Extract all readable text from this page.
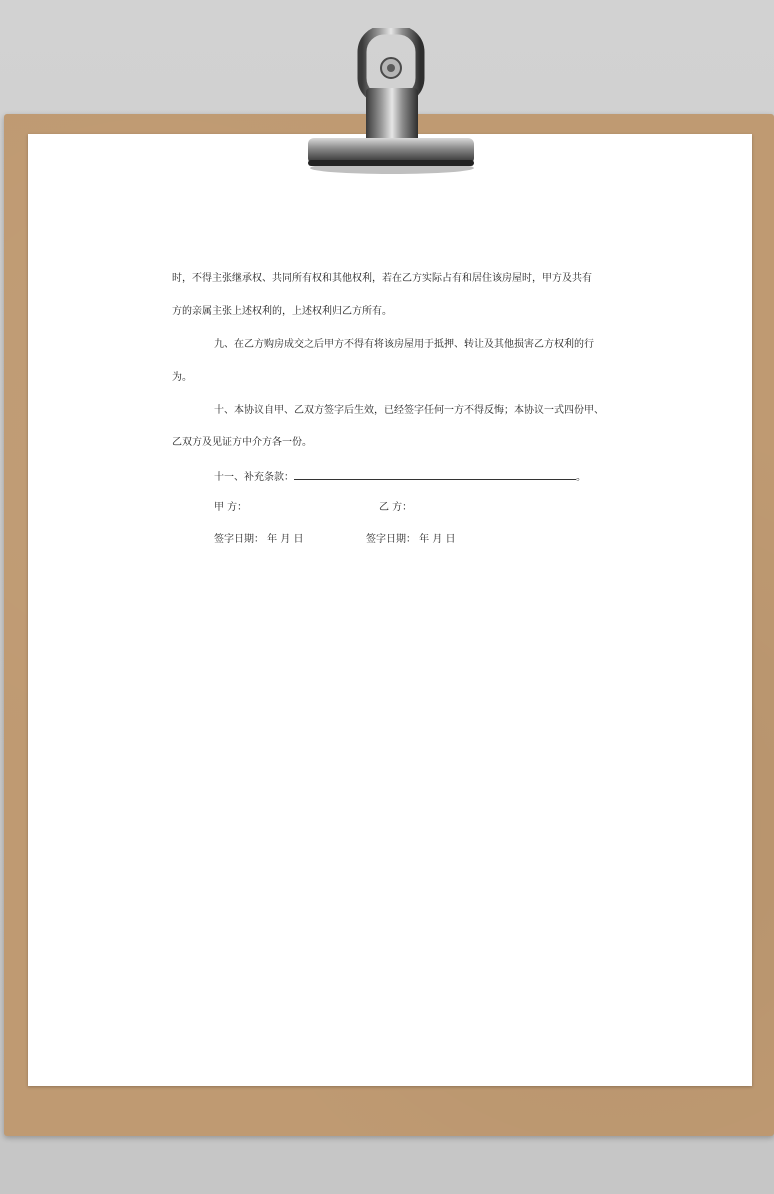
时，不得主张继承权、共同所有权和其他权利，若在乙方实际占有和居住该房屋时，甲方及共有
方的亲属主张上述权利的，上述权利归乙方所有。
九、在乙方购房成交之后甲方不得有将该房屋用于抵押、转让及其他损害乙方权利的行
为。
十、本协议自甲、乙双方签字后生效，已经签字任何一方不得反悔；本协议一式四份甲、
乙双方及见证方中介方各一份。
十一、补充条款：	。
甲 方：	乙 方：
签字日期： 年 月 日	签字日期： 年 月 日
